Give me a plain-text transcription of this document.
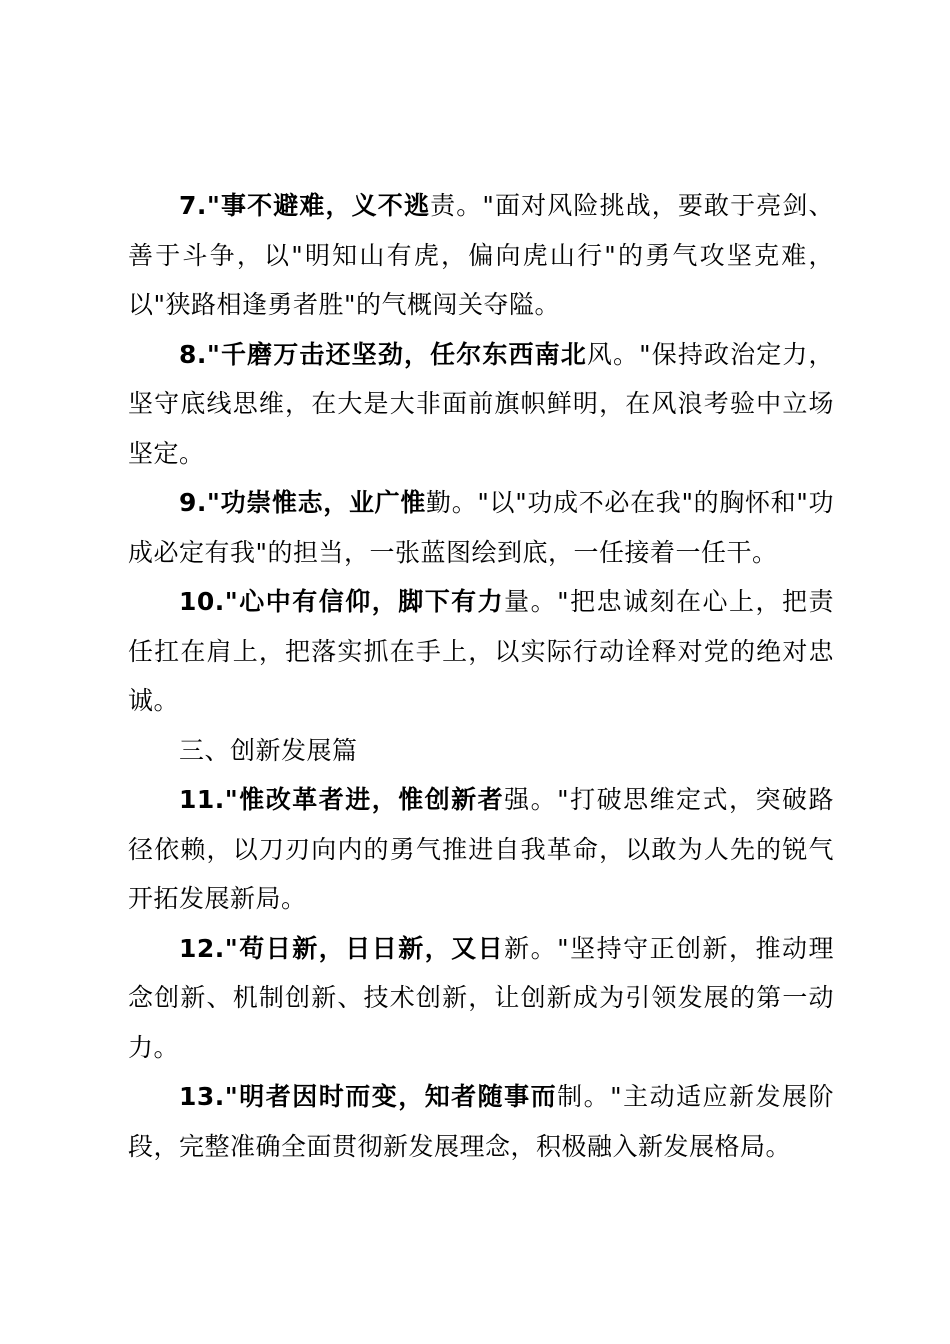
7."事不避难，义不逃责。"面对风险挑战，要敢于亮剑、善于斗争，以"明知山有虎，偏向虎山行"的勇气攻坚克难，以"狭路相逢勇者胜"的气概闯关夺隘。

8."千磨万击还坚劲，任尔东西南北风。"保持政治定力，坚守底线思维，在大是大非面前旗帜鲜明，在风浪考验中立场坚定。

9."功崇惟志，业广惟勤。"以"功成不必在我"的胸怀和"功成必定有我"的担当，一张蓝图绘到底，一任接着一任干。

10."心中有信仰，脚下有力量。"把忠诚刻在心上，把责任扛在肩上，把落实抓在手上，以实际行动诠释对党的绝对忠诚。

三、创新发展篇

11."惟改革者进，惟创新者强。"打破思维定式，突破路径依赖，以刀刃向内的勇气推进自我革命，以敢为人先的锐气开拓发展新局。

12."苟日新，日日新，又日新。"坚持守正创新，推动理念创新、机制创新、技术创新，让创新成为引领发展的第一动力。

13."明者因时而变，知者随事而制。"主动适应新发展阶段，完整准确全面贯彻新发展理念，积极融入新发展格局。
